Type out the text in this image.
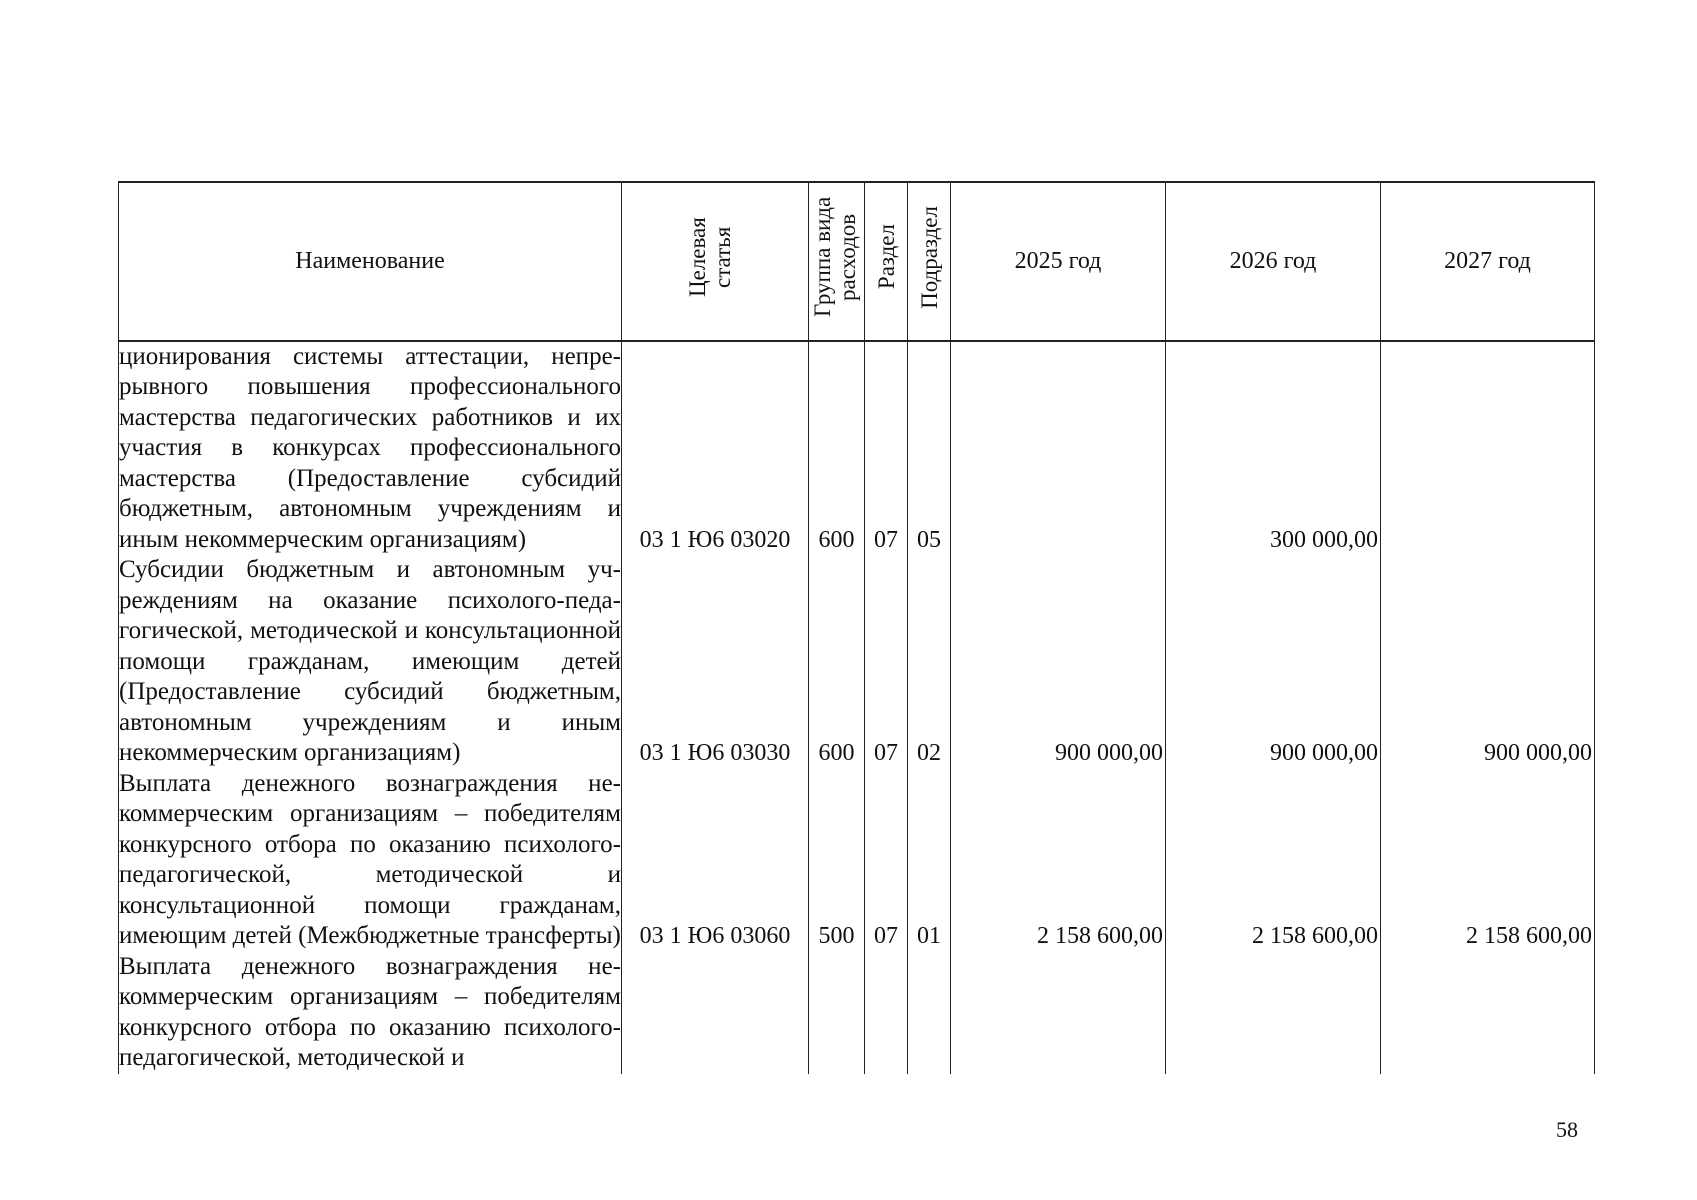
Наименование	Целевая статья	Группа вида расходов	Раздел	Подраздел	2025 год	2026 год	2027 год
ционирования системы аттестации, непрерывного повышения профессионального мастерства педагогических работников и их участия в конкурсах профессионального мастерства (Предоставление субсидий бюджетным, автономным учреждениям и иным некоммерческим организациям)	03 1 Ю6 03020	600	07	05		300 000,00	
Субсидии бюджетным и автономным учреждениям на оказание психолого-педагогической, методической и консультационной помощи гражданам, имеющим детей (Предоставление субсидий бюджетным, автономным учреждениям и иным некоммерческим организациям)	03 1 Ю6 03030	600	07	02	900 000,00	900 000,00	900 000,00
Выплата денежного вознаграждения некоммерческим организациям – победителям конкурсного отбора по оказанию психолого-педагогической, методической и консультационной помощи гражданам, имеющим детей (Межбюджетные трансферты)	03 1 Ю6 03060	500	07	01	2 158 600,00	2 158 600,00	2 158 600,00
Выплата денежного вознаграждения некоммерческим организациям – победителям конкурсного отбора по оказанию психолого-педагогической, методической и							
58
